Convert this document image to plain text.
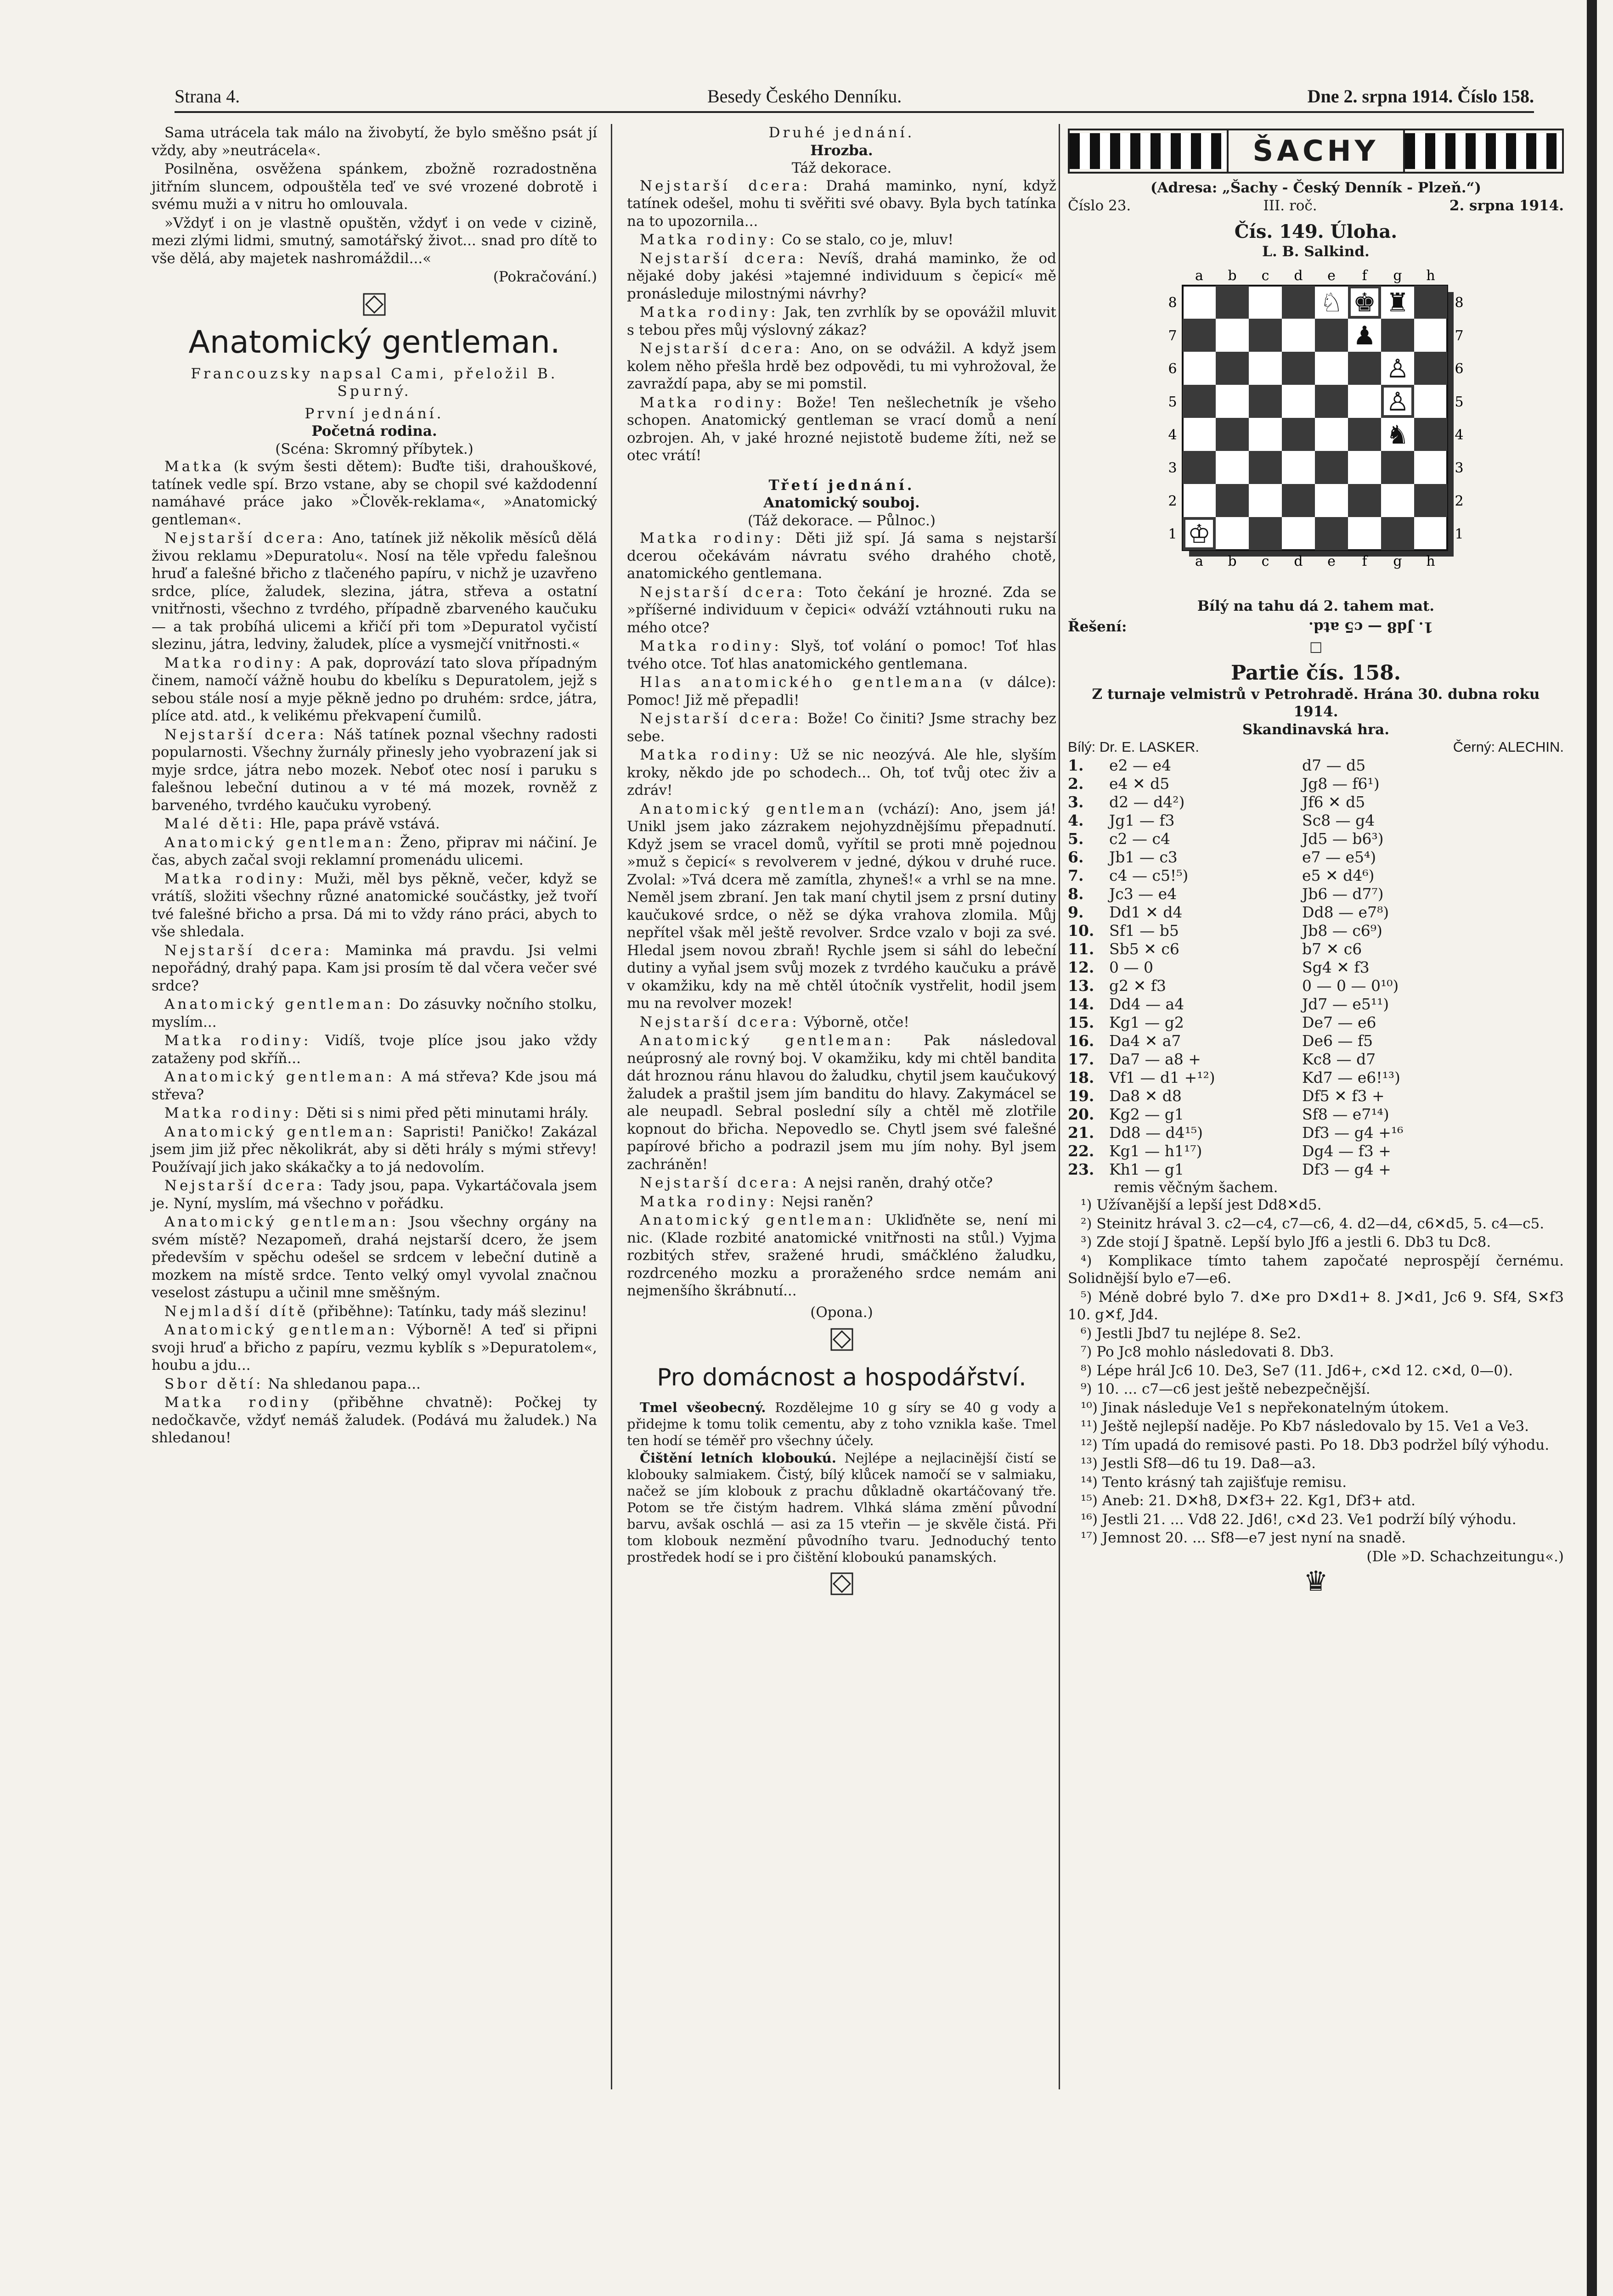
Strana 4.	Besedy Českého Denníku.	Dne 2. srpna 1914. Číslo 158.

Sama utrácela tak málo na živobytí, že bylo směšno psát jí vždy, aby »neutrácela«.

Posilněna, osvěžena spánkem, zbožně rozradostněna jitřním sluncem, odpouštěla teď ve své vrozené dobrotě i svému muži a v nitru ho omlouvala.

»Vždyť i on je vlastně opuštěn, vždyť i on vede v cizině, mezi zlými lidmi, smutný, samotářský život... snad pro dítě to vše dělá, aby majetek nashromáždil...«

(Pokračování.)
Anatomický gentleman.
Francouzsky napsal Cami, přeložil B. Spurný.
První jednání.
Početná rodina.
(Scéna: Skromný příbytek.)

Matka (k svým šesti dětem): Buďte tiši, drahouškové, tatínek vedle spí. Brzo vstane, aby se chopil své každodenní namáhavé práce jako »Člověk-reklama«, »Anatomický gentleman«.

Nejstarší dcera: Ano, tatínek již několik měsíců dělá živou reklamu »Depuratolu«. Nosí na těle vpředu falešnou hruď a falešné břicho z tlačeného papíru, v nichž je uzavřeno srdce, plíce, žaludek, slezina, játra, střeva a ostatní vnitřnosti, všechno z tvrdého, případně zbarveného kaučuku — a tak probíhá ulicemi a křičí při tom »Depuratol vyčistí slezinu, játra, ledviny, žaludek, plíce a vysmejčí vnitřnosti.«

Matka rodiny: A pak, doprovází tato slova případným činem, namočí vážně houbu do kbelíku s Depuratolem, jejž s sebou stále nosí a myje pěkně jedno po druhém: srdce, játra, plíce atd. atd., k velikému překvapení čumilů.

Nejstarší dcera: Náš tatínek poznal všechny radosti popularnosti. Všechny žurnály přinesly jeho vyobrazení jak si myje srdce, játra nebo mozek. Neboť otec nosí i paruku s falešnou lebeční dutinou a v té má mozek, rovněž z barveného, tvrdého kaučuku vyrobený.

Malé děti: Hle, papa právě vstává.

Anatomický gentleman: Ženo, připrav mi náčiní. Je čas, abych začal svoji reklamní promenádu ulicemi.

Matka rodiny: Muži, měl bys pěkně, večer, když se vrátíš, složiti všechny různé anatomické součástky, jež tvoří tvé falešné břicho a prsa. Dá mi to vždy ráno práci, abych to vše shledala.

Nejstarší dcera: Maminka má pravdu. Jsi velmi nepořádný, drahý papa. Kam jsi prosím tě dal včera večer své srdce?

Anatomický gentleman: Do zásuvky nočního stolku, myslím...

Matka rodiny: Vidíš, tvoje plíce jsou jako vždy zataženy pod skříň...

Anatomický gentleman: A má střeva? Kde jsou má střeva?

Matka rodiny: Děti si s nimi před pěti minutami hrály.

Anatomický gentleman: Sapristi! Paničko! Zakázal jsem jim již přec několikrát, aby si děti hrály s mými střevy! Používají jich jako skákačky a to já nedovolím.

Nejstarší dcera: Tady jsou, papa. Vykartáčovala jsem je. Nyní, myslím, má všechno v pořádku.

Anatomický gentleman: Jsou všechny orgány na svém místě? Nezapomeň, drahá nejstarší dcero, že jsem především v spěchu odešel se srdcem v lebeční dutině a mozkem na místě srdce. Tento velký omyl vyvolal značnou veselost zástupu a učinil mne směšným.

Nejmladší dítě (přiběhne): Tatínku, tady máš slezinu!

Anatomický gentleman: Výborně! A teď si připni svoji hruď a břicho z papíru, vezmu kyblík s »Depuratolem«, houbu a jdu...

Sbor dětí: Na shledanou papa...

Matka rodiny (přiběhne chvatně): Počkej ty nedočkavče, vždyť nemáš žaludek. (Podává mu žaludek.) Na shledanou!

Druhé jednání.
Hrozba.
Táž dekorace.

Nejstarší dcera: Drahá maminko, nyní, když tatínek odešel, mohu ti svěřiti své obavy. Byla bych tatínka na to upozornila...

Matka rodiny: Co se stalo, co je, mluv!

Nejstarší dcera: Nevíš, drahá maminko, že od nějaké doby jakési »tajemné individuum s čepicí« mě pronásleduje milostnými návrhy?

Matka rodiny: Jak, ten zvrhlík by se opovážil mluvit s tebou přes můj výslovný zákaz?

Nejstarší dcera: Ano, on se odvážil. A když jsem kolem něho přešla hrdě bez odpovědi, tu mi vyhrožoval, že zavraždí papa, aby se mi pomstil.

Matka rodiny: Bože! Ten nešlechetník je všeho schopen. Anatomický gentleman se vrací domů a není ozbrojen. Ah, v jaké hrozné nejistotě budeme žíti, než se otec vrátí!

Třetí jednání.
Anatomický souboj.
(Táž dekorace. — Půlnoc.)

Matka rodiny: Děti již spí. Já sama s nejstarší dcerou očekávám návratu svého drahého chotě, anatomického gentlemana.

Nejstarší dcera: Toto čekání je hrozné. Zda se »příšerné individuum v čepici« odváží vztáhnouti ruku na mého otce?

Matka rodiny: Slyš, toť volání o pomoc! Toť hlas tvého otce. Toť hlas anatomického gentlemana.

Hlas anatomického gentlemana (v dálce): Pomoc! Již mě přepadli!

Nejstarší dcera: Bože! Co činiti? Jsme strachy bez sebe.

Matka rodiny: Už se nic neozývá. Ale hle, slyším kroky, někdo jde po schodech... Oh, toť tvůj otec živ a zdráv!

Anatomický gentleman (vchází): Ano, jsem já! Unikl jsem jako zázrakem nejohyzdnějšímu přepadnutí. Když jsem se vracel domů, vyřítil se proti mně pojednou »muž s čepicí« s revolverem v jedné, dýkou v druhé ruce. Zvolal: »Tvá dcera mě zamítla, zhyneš!« a vrhl se na mne. Neměl jsem zbraní. Jen tak maní chytil jsem z prsní dutiny kaučukové srdce, o něž se dýka vrahova zlomila. Můj nepřítel však měl ještě revolver. Srdce vzalo v boji za své. Hledal jsem novou zbraň! Rychle jsem si sáhl do lebeční dutiny a vyňal jsem svůj mozek z tvrdého kaučuku a právě v okamžiku, kdy na mě chtěl útočník vystřelit, hodil jsem mu na revolver mozek!

Nejstarší dcera: Výborně, otče!

Anatomický gentleman: Pak následoval neúprosný ale rovný boj. V okamžiku, kdy mi chtěl bandita dát hroznou ránu hlavou do žaludku, chytil jsem kaučukový žaludek a praštil jsem jím banditu do hlavy. Zakymácel se ale neupadl. Sebral poslední síly a chtěl mě zlotřile kopnout do břicha. Nepovedlo se. Chytl jsem své falešné papírové břicho a podrazil jsem mu jím nohy. Byl jsem zachráněn!

Nejstarší dcera: A nejsi raněn, drahý otče?

Matka rodiny: Nejsi raněn?

Anatomický gentleman: Ukliďněte se, není mi nic. (Klade rozbité anatomické vnitřnosti na stůl.) Vyjma rozbitých střev, sražené hrudi, smáčkléno žaludku, rozdrceného mozku a proraženého srdce nemám ani nejmenšího škrábnutí...

(Opona.)
Pro domácnost a hospodářství.

Tmel všeobecný. Rozdělejme 10 g síry se 40 g vody a přidejme k tomu tolik cementu, aby z toho vznikla kaše. Tmel ten hodí se téměř pro všechny účely.

Čištění letních kloboukú. Nejlépe a nejlacinější čistí se klobouky salmiakem. Čistý, bílý klůcek namočí se v salmiaku, načež se jím klobouk z prachu důkladně okartáčovaný tře. Potom se tře čistým hadrem. Vlhká sláma změní původní barvu, avšak oschlá — asi za 15 vteřin — je skvěle čistá. Při tom klobouk nezmění původního tvaru. Jednoduchý tento prostředek hodí se i pro čištění kloboukú panamských.

ŠACHY
(Adresa: „Šachy - Český Denník - Plzeň.“)
Číslo 23.	III. roč.	2. srpna 1914.
Čís. 149. Úloha.
L. B. Salkind.
a
a
b
b
c
c
d
d
e
e
f
f
g
g
h
h
8	8
7	7
6	6
5	5
4	4
3	3
2	2
1	1
♘ ♚ ♜
♟
♙
♙
♞
♔
Bílý na tahu dá 2. tahem mat.
Řešení:	1. Jd8 — c5 atd.
□
Partie čís. 158.
Z turnaje velmistrů v Petrohradě. Hrána 30. dubna roku 1914.
Skandinavská hra.
Bílý: Dr. E. LASKER.	Černý: ALECHIN.
1.	e2 — e4	d7 — d5
2.	e4 ✕ d5	Jg8 — f6¹)
3.	d2 — d4²)	Jf6 ✕ d5
4.	Jg1 — f3	Sc8 — g4
5.	c2 — c4	Jd5 — b6³)
6.	Jb1 — c3	e7 — e5⁴)
7.	c4 — c5!⁵)	e5 ✕ d4⁶)
8.	Jc3 — e4	Jb6 — d7⁷)
9.	Dd1 ✕ d4	Dd8 — e7⁸)
10.	Sf1 — b5	Jb8 — c6⁹)
11.	Sb5 ✕ c6	b7 ✕ c6
12.	0 — 0	Sg4 ✕ f3
13.	g2 ✕ f3	0 — 0 — 0¹⁰)
14.	Dd4 — a4	Jd7 — e5¹¹)
15.	Kg1 — g2	De7 — e6
16.	Da4 ✕ a7	De6 — f5
17.	Da7 — a8 +	Kc8 — d7
18.	Vf1 — d1 +¹²)	Kd7 — e6!¹³)
19.	Da8 ✕ d8	Df5 ✕ f3 +
20.	Kg2 — g1	Sf8 — e7¹⁴)
21.	Dd8 — d4¹⁵)	Df3 — g4 +¹⁶
22.	Kg1 — h1¹⁷)	Dg4 — f3 +
23.	Kh1 — g1	Df3 — g4 +
remis věčným šachem.

¹) Užívanější a lepší jest Dd8✕d5.

²) Steinitz hrával 3. c2—c4, c7—c6, 4. d2—d4, c6✕d5, 5. c4—c5.

³) Zde stojí J špatně. Lepší bylo Jf6 a jestli 6. Db3 tu Dc8.

⁴) Komplikace tímto tahem započaté neprospějí černému. Solidnější bylo e7—e6.

⁵) Méně dobré bylo 7. d✕e pro D✕d1+ 8. J✕d1, Jc6 9. Sf4, S✕f3 10. g✕f, Jd4.

⁶) Jestli Jbd7 tu nejlépe 8. Se2.

⁷) Po Jc8 mohlo následovati 8. Db3.

⁸) Lépe hrál Jc6 10. De3, Se7 (11. Jd6+, c✕d 12. c✕d, 0—0).

⁹) 10. ... c7—c6 jest ještě nebezpečnější.

¹⁰) Jinak následuje Ve1 s nepřekonatelným útokem.

¹¹) Ještě nejlepší naděje. Po Kb7 následovalo by 15. Ve1 a Ve3.

¹²) Tím upadá do remisové pasti. Po 18. Db3 podržel bílý výhodu.

¹³) Jestli Sf8—d6 tu 19. Da8—a3.

¹⁴) Tento krásný tah zajišťuje remisu.

¹⁵) Aneb: 21. D✕h8, D✕f3+ 22. Kg1, Df3+ atd.

¹⁶) Jestli 21. ... Vd8 22. Jd6!, c✕d 23. Ve1 podrží bílý výhodu.

¹⁷) Jemnost 20. ... Sf8—e7 jest nyní na snadě.

(Dle »D. Schachzeitungu«.)
♛
